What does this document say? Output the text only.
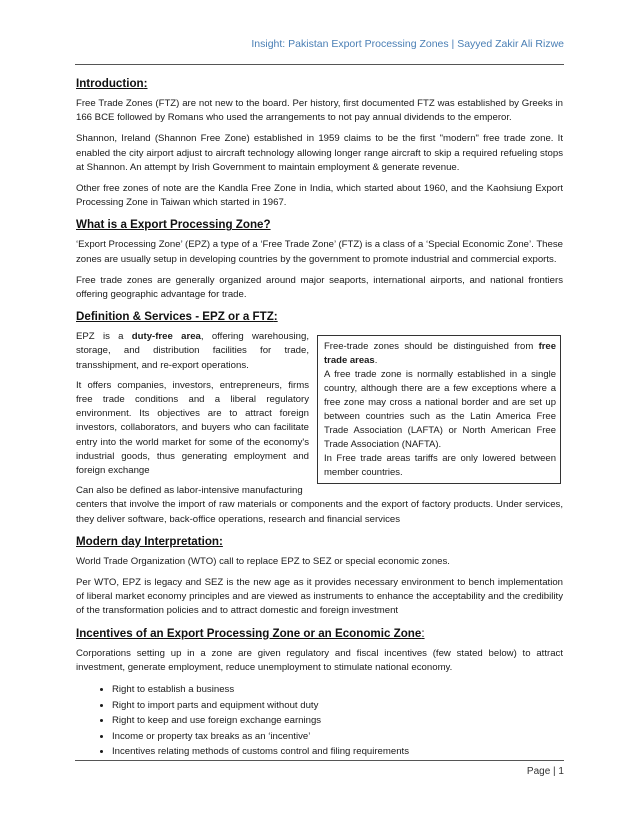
Insight: Pakistan Export Processing Zones | Sayyed Zakir Ali Rizwe
Introduction:

Free Trade Zones (FTZ) are not new to the board. Per history, first documented FTZ was established by Greeks in 166 BCE followed by Romans who used the arrangements to not pay annual dividends to the emperor.

Shannon, Ireland (Shannon Free Zone) established in 1959 claims to be the first "modern" free trade zone. It enabled the city airport adjust to aircraft technology allowing longer range aircraft to skip a required refueling stops at Shannon. An attempt by Irish Government to maintain employment & generate revenue.

Other free zones of note are the Kandla Free Zone in India, which started about 1960, and the Kaohsiung Export Processing Zone in Taiwan which started in 1967.

What is a Export Processing Zone?

‘Export Processing Zone’ (EPZ) a type of a ‘Free Trade Zone’ (FTZ) is a class of a ‘Special Economic Zone’. These zones are usually setup in developing countries by the government to promote industrial and commercial exports.

Free trade zones are generally organized around major seaports, international airports, and national frontiers offering geographic advantage for trade.

Definition & Services - EPZ or a FTZ:

EPZ is a duty-free area, offering warehousing, storage, and distribution facilities for trade, transshipment, and re-export operations.

It offers companies, investors, entrepreneurs, firms free trade conditions and a liberal regulatory environment. Its objectives are to attract foreign investors, collaborators, and buyers who can facilitate entry into the world market for some of the economy's industrial goods, thus generating employment and foreign exchange

Can also be defined as labor-intensive manufacturing

Free-trade zones should be distinguished from free trade areas.

A free trade zone is normally established in a single country, although there are a few exceptions where a free zone may cross a national border and are set up between countries such as the Latin America Free Trade Association (LAFTA) or North American Free Trade Association (NAFTA).

In Free trade areas tariffs are only lowered between member countries.

centers that involve the import of raw materials or components and the export of factory products. Under services, they deliver software, back-office operations, research and financial services

Modern day Interpretation:

World Trade Organization (WTO) call to replace EPZ to SEZ or special economic zones.

Per WTO, EPZ is legacy and SEZ is the new age as it provides necessary environment to bench implementation of liberal market economy principles and are viewed as instruments to enhance the acceptability and the credibility of the transformation policies and to attract domestic and foreign investment

Incentives of an Export Processing Zone or an Economic Zone:

Corporations setting up in a zone are given regulatory and fiscal incentives (few stated below) to attract investment, generate employment, reduce unemployment to stimulate national economy.

• Right to establish a business
• Right to import parts and equipment without duty
• Right to keep and use foreign exchange earnings
• Income or property tax breaks as an ‘incentive’
• Incentives relating methods of customs control and filing requirements
Page | 1
